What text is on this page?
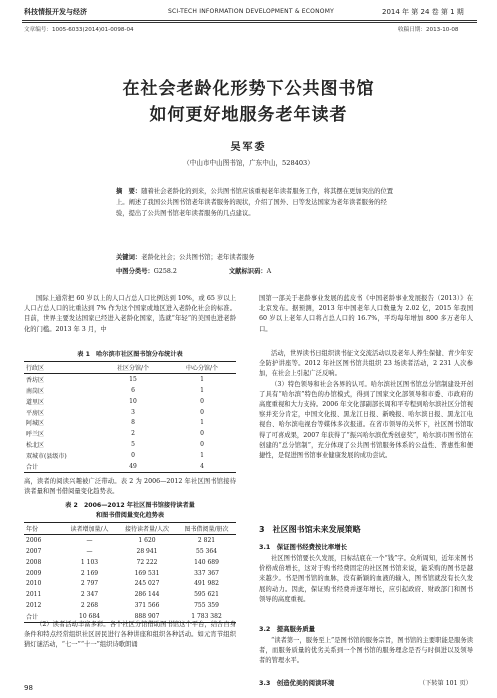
科技情报开发与经济	SCI-TECH INFORMATION DEVELOPMENT & ECONOMY	2014 年 第 24 卷 第 1 期
文章编号：1005-6033(2014)01-0098-04	收稿日期：2013-10-08
在社会老龄化形势下公共图书馆
如何更好地服务老年读者
吴军委
（中山市中山图书馆，广东中山，528403）
摘　要：随着社会老龄化的到来，公共图书馆应该重视老年读者服务工作，将其摆在更加突出的位置上。阐述了我国公共图书馆老年读者服务的现状，介绍了国外、日等发达国家为老年读者服务的经验，提出了公共图书馆老年读者服务的几点建议。
关键词：老龄化社会；公共图书馆；老年读者服务
中图分类号：G258.2	文献标识码：A

国际上通常把 60 岁以上的人口占总人口比例达到 10%，或 65 岁以上人口占总人口的比重达到 7% 作为这个国家或地区进入老龄化社会的标准。目前，世界主要发达国家已经进入老龄化国家，选就“年轻”的美国也进老龄化的门槛。2013 年 3 月，中

国第一部关于老龄事业发展的蓝皮书《中国老龄事业发展报告（2013）》在北京发布。据预测，2013 年中国老年人口数量为 2.02 亿，2015 年我国 60 岁以上老年人口将占总人口的 16.7%，平均每年增加 800 多万老年人口。

表 1　哈尔滨市社区图书馆分布统计表
行政区	社区分馆/个	中心分馆/个
香坊区	15	1
南岗区	6	1
道里区	10	0
平房区	3	0
阿城区	8	1
呼兰区	2	0
松北区	5	0
双城市(县级市)	0	1
合计	49	4

高，读者的阅读兴趣被广泛带动。表 2 为 2006—2012 年社区图书馆接待读者量和图书借阅量变化趋势表。

表 2　2006—2012 年社区图书馆接待读者量
和图书借阅量变化趋势表
年份	读者增加量/人	接待读者量/人次	图书借阅量/册次
2006	—	1 620	2 821
2007	—	28 941	55 364
2008	1 103	72 222	140 689
2009	2 169	169 531	337 367
2010	2 797	245 027	491 982
2011	2 347	286 144	595 621
2012	2 268	371 566	755 359
合计	10 684	888 907	1 783 382

（2）读者活动丰富多彩。各个社区分馆借助图书馆这个平台，结合自身条件和特点经常组织社区居民进行各种讲座和组织各种活动。如元宵节组织猜灯谜活动，“七一”“十一”组织诗歌朗诵

98

活动，世界读书日组织读书征文交流活动以及老年人养生保健、青少年安全防护讲座等。2012 年社区图书馆共组织 23 场读者活动，2 231 人次参加，在社会上引起广泛反响。

（3）特色领导和社会各界的认可。哈尔滨社区图书馆总分馆制建设开创了具有“哈尔滨”特色的办馆模式，得到了国家文化部领导和市委、市政府的高度重视和大力支持。2006 年文化部副部长周和平专程到哈尔滨社区分馆视察并充分肯定，中国文化报、黑龙江日报、新晚报、哈尔滨日报、黑龙江电视台、哈尔滨电视台等媒体多次报道。在省市领导的关怀下，社区图书馆取得了可喜成果，2007 年获得了“振兴哈尔滨优秀创意奖”，哈尔滨市图书馆在创建的“总分馆制”，充分体现了公共图书馆服务体系的公益性、普惠性和便捷性，是促进图书馆事业健康发展的成功尝试。

3　社区图书馆未来发展策略
3.1　保证图书经费按比率增长

社区图书馆要长久发展，目标结底在一个“钱”字。众所周知，近年来图书价格成倍增长，这对于购书经费固定的社区图书馆来说，能采购的图书是越来越少。书是图书馆的血脉，没有新颖的血液的输入，图书馆就没有长久发展的动力。因此，保证购书经费并逐年增长，应引起政府、财政部门和图书领导的高度重视。

3.2　提高服务质量

“读者第一，服务至上”是图书馆的服务宗旨，图书馆的主要职能是服务读者，而服务质量的优劣关系到一个图书馆的服务理念是否与时俱进以及领导者的管理水平。

3.3　创造优美的阅读环境	（下转第 101 页）
